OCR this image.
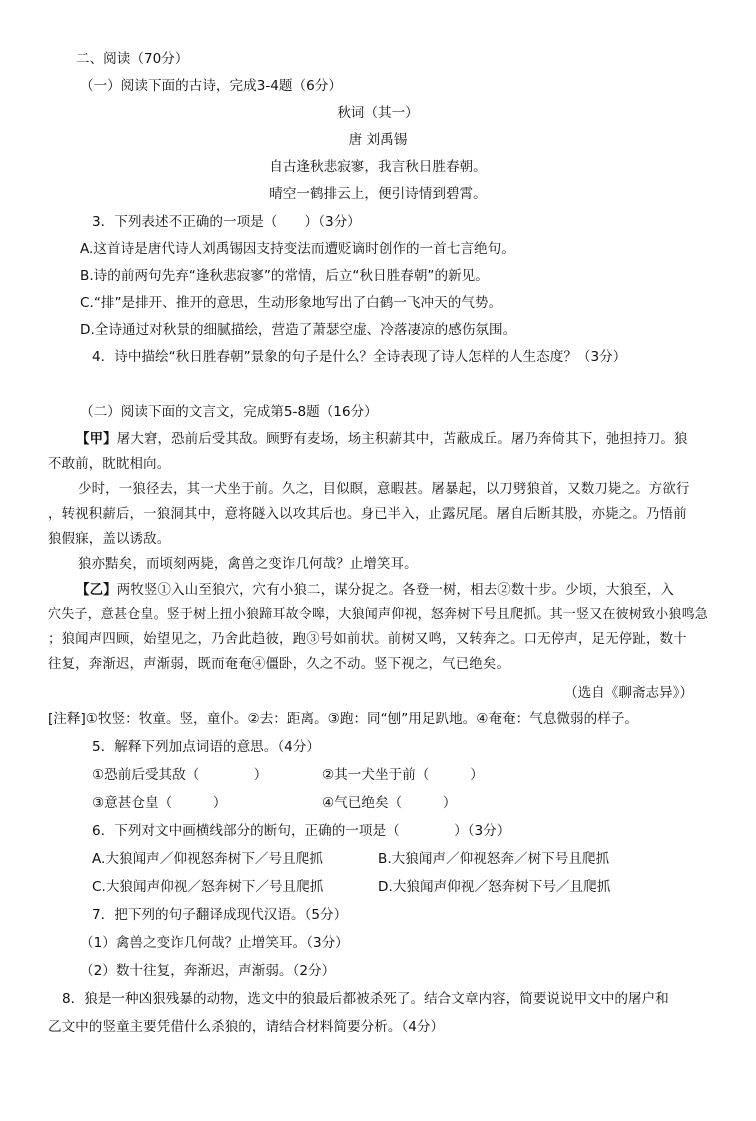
二、阅读（70分）
（一）阅读下面的古诗，完成3-4题（6分）
秋词（其一）
唐 刘禹锡
自古逢秋悲寂寥，我言秋日胜春朝。
晴空一鹤排云上，便引诗情到碧霄。
3．下列表述不正确的一项是（　　）（3分）
A.这首诗是唐代诗人刘禹锡因支持变法而遭贬谪时创作的一首七言绝句。
B.诗的前两句先弃“逢秋悲寂寥”的常情，后立“秋日胜春朝”的新见。
C.“排”是排开、推开的意思，生动形象地写出了白鹤一飞冲天的气势。
D.全诗通过对秋景的细腻描绘，营造了萧瑟空虚、冷落凄凉的感伤氛围。
4．诗中描绘“秋日胜春朝”景象的句子是什么？全诗表现了诗人怎样的人生态度？（3分）
（二）阅读下面的文言文，完成第5-8题（16分）
【甲】屠大窘，恐前后受其敌。顾野有麦场，场主积薪其中，苫蔽成丘。屠乃奔倚其下，弛担持刀。狼
不敢前，眈眈相向。
少时，一狼径去，其一犬坐于前。久之，目似瞑，意暇甚。屠暴起，以刀劈狼首，又数刀毙之。方欲行
，转视积薪后，一狼洞其中，意将隧入以攻其后也。身已半入，止露尻尾。屠自后断其股，亦毙之。乃悟前
狼假寐，盖以诱敌。
狼亦黠矣，而顷刻两毙，禽兽之变诈几何哉？止增笑耳。
【乙】两牧竖①入山至狼穴，穴有小狼二，谋分捉之。各登一树，相去②数十步。少顷，大狼至，入
穴失子，意甚仓皇。竖于树上扭小狼蹄耳故令嗥，大狼闻声仰视，怒奔树下号且爬抓。其一竖又在彼树致小狼鸣急
；狼闻声四顾，始望见之，乃舍此趋彼，跑③号如前状。前树又鸣，又转奔之。口无停声，足无停趾，数十
往复，奔渐迟，声渐弱，既而奄奄④僵卧，久之不动。竖下视之，气已绝矣。
（选自《聊斋志异》）
[注释]①牧竖：牧童。竖，童仆。②去：距离。③跑：同“刨”用足趴地。④奄奄：气息微弱的样子。
5．解释下列加点词语的意思。（4分）
①恐前后受其敌（　　　　）	②其一犬坐于前（　　　）
③意甚仓皇（　　　）	④气已绝矣（　　　）
6．下列对文中画横线部分的断句，正确的一项是（　　　　）（3分）
A.大狼闻声／仰视怒奔树下／号且爬抓	B.大狼闻声／仰视怒奔／树下号且爬抓
C.大狼闻声仰视／怒奔树下／号且爬抓	D.大狼闻声仰视／怒奔树下号／且爬抓
7．把下列的句子翻译成现代汉语。（5分）
（1）禽兽之变诈几何哉？止增笑耳。（3分）
（2）数十往复，奔渐迟，声渐弱。（2分）
8．狼是一种凶狠残暴的动物，选文中的狼最后都被杀死了。结合文章内容，简要说说甲文中的屠户和
乙文中的竖童主要凭借什么杀狼的，请结合材料简要分析。（4分）
